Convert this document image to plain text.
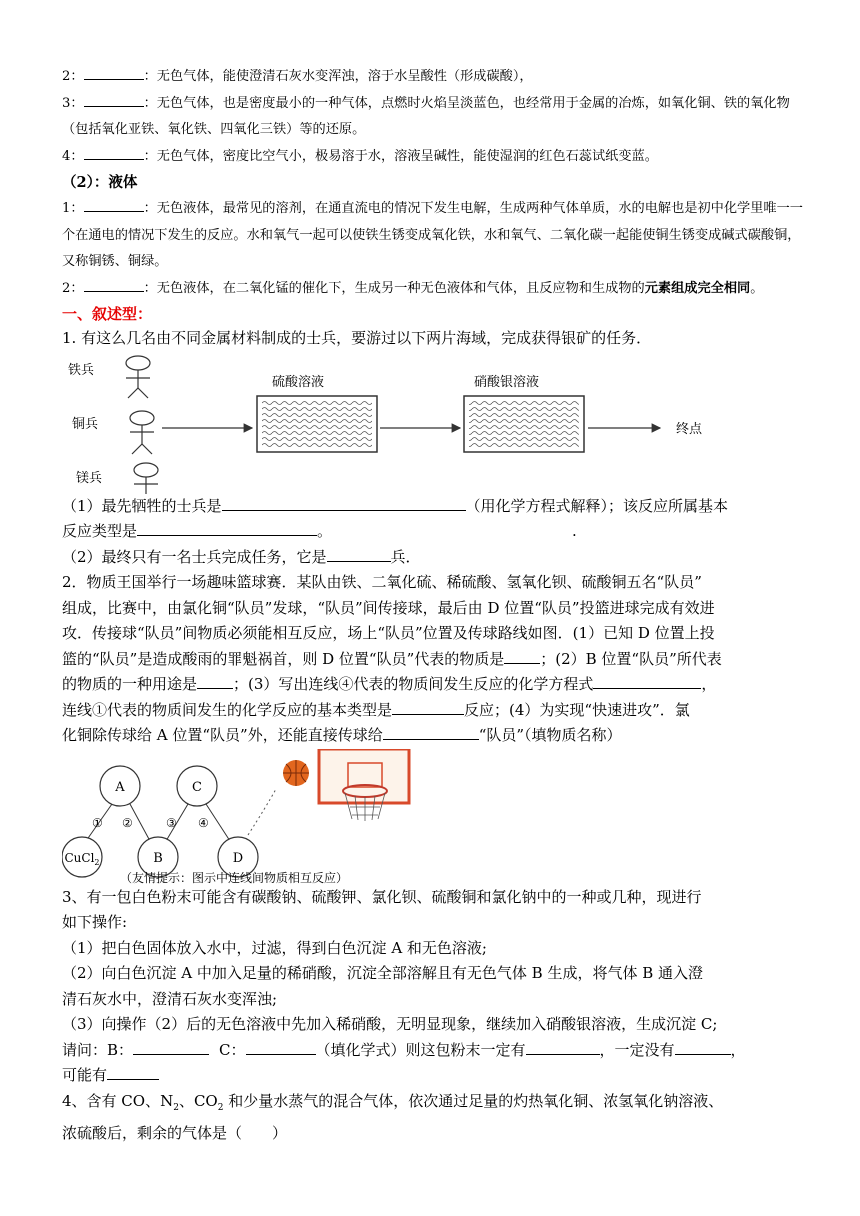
2：	：无色气体，能使澄清石灰水变浑浊，溶于水呈酸性（形成碳酸），

3：	：无色气体，也是密度最小的一种气体，点燃时火焰呈淡蓝色，也经常用于金属的冶炼，如氧化铜、铁的氧化物（包括氧化亚铁、氧化铁、四氧化三铁）等的还原。

4：	：无色气体，密度比空气小，极易溶于水，溶液呈碱性，能使湿润的红色石蕊试纸变蓝。

（2）：液体

1：	：无色液体，最常见的溶剂，在通直流电的情况下发生电解，生成两种气体单质，水的电解也是初中化学里唯一一个在通电的情况下发生的反应。水和氧气一起可以使铁生锈变成氧化铁，水和氧气、二氧化碳一起能使铜生锈变成碱式碳酸铜，又称铜锈、铜绿。

2：	：无色液体，在二氧化锰的催化下，生成另一种无色液体和气体，且反应物和生成物的元素组成完全相同。

一、叙述型：

1. 有这么几名由不同金属材料制成的士兵，要游过以下两片海域，完成获得银矿的任务．

铁兵
铜兵
镁兵
硫酸溶液	硝酸银溶液
终点

（1）最先牺牲的士兵是	（用化学方程式解释）；该反应所属基本

反应类型是	。	.

（2）最终只有一名士兵完成任务，它是	兵．

2．物质王国举行一场趣味篮球赛．某队由铁、二氧化硫、稀硫酸、氢氧化钡、硫酸铜五名“队员”

组成，比赛中，由氯化铜“队员”发球，“队员”间传接球，最后由 D 位置“队员”投篮进球完成有效进

攻．传接球“队员”间物质必须能相互反应，场上“队员”位置及传球路线如图．(1）已知 D 位置上投

篮的“队员”是造成酸雨的罪魁祸首，则 D 位置“队员”代表的物质是 ；(2）B 位置“队员”所代表

的物质的一种用途是 ；(3）写出连线④代表的物质间发生反应的化学方程式	，

连线①代表的物质间发生的化学反应的基本类型是	反应；(4）为实现“快速进攻”．氯

化铜除传球给 A 位置“队员”外，还能直接传球给	“队员”（填物质名称）

A	C
CuCl$_2$	B	D
① ②	③ ④
（友情提示：图示中连线间物质相互反应）

3、有一包白色粉末可能含有碳酸钠、硫酸钾、氯化钡、硫酸铜和氯化钠中的一种或几种，现进行

如下操作:

（1）把白色固体放入水中，过滤，得到白色沉淀 A 和无色溶液;

（2）向白色沉淀 A 中加入足量的稀硝酸，沉淀全部溶解且有无色气体 B 生成，将气体 B 通入澄

清石灰水中，澄清石灰水变浑浊;

（3）向操作（2）后的无色溶液中先加入稀硝酸，无明显现象，继续加入硝酸银溶液，生成沉淀 C;

请问：B：	C：	（填化学式）则这包粉末一定有	，一定没有	，

可能有

4、含有 CO、$N_2$、$CO_2$ 和少量水蒸气的混合气体，依次通过足量的灼热氧化铜、浓氢氧化钠溶液、

浓硫酸后，剩余的气体是（　　）
